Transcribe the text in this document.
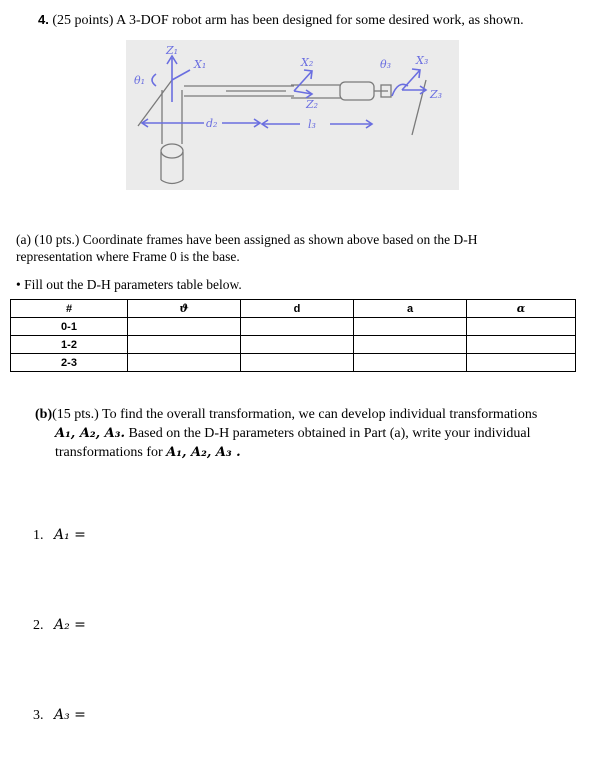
4. (25 points) A 3-DOF robot arm has been designed for some desired work, as shown.
Z₁
X₁
θ₁
d₂
X₂
Z₂
l₃
θ₃ X₃
Z₃
(a) (10 pts.) Coordinate frames have been assigned as shown above based on the D-H
representation where Frame 0 is the base.
• Fill out the D-H parameters table below.
#	ϑ	d	a	α
0-1				
1-2				
2-3				
(b)(15 pts.) To find the overall transformation, we can develop individual transformations
A₁, A₂, A₃. Based on the D-H parameters obtained in Part (a), write your individual
transformations for A₁, A₂, A₃ .
1. A₁ =
2. A₂ =
3. A₃ =
